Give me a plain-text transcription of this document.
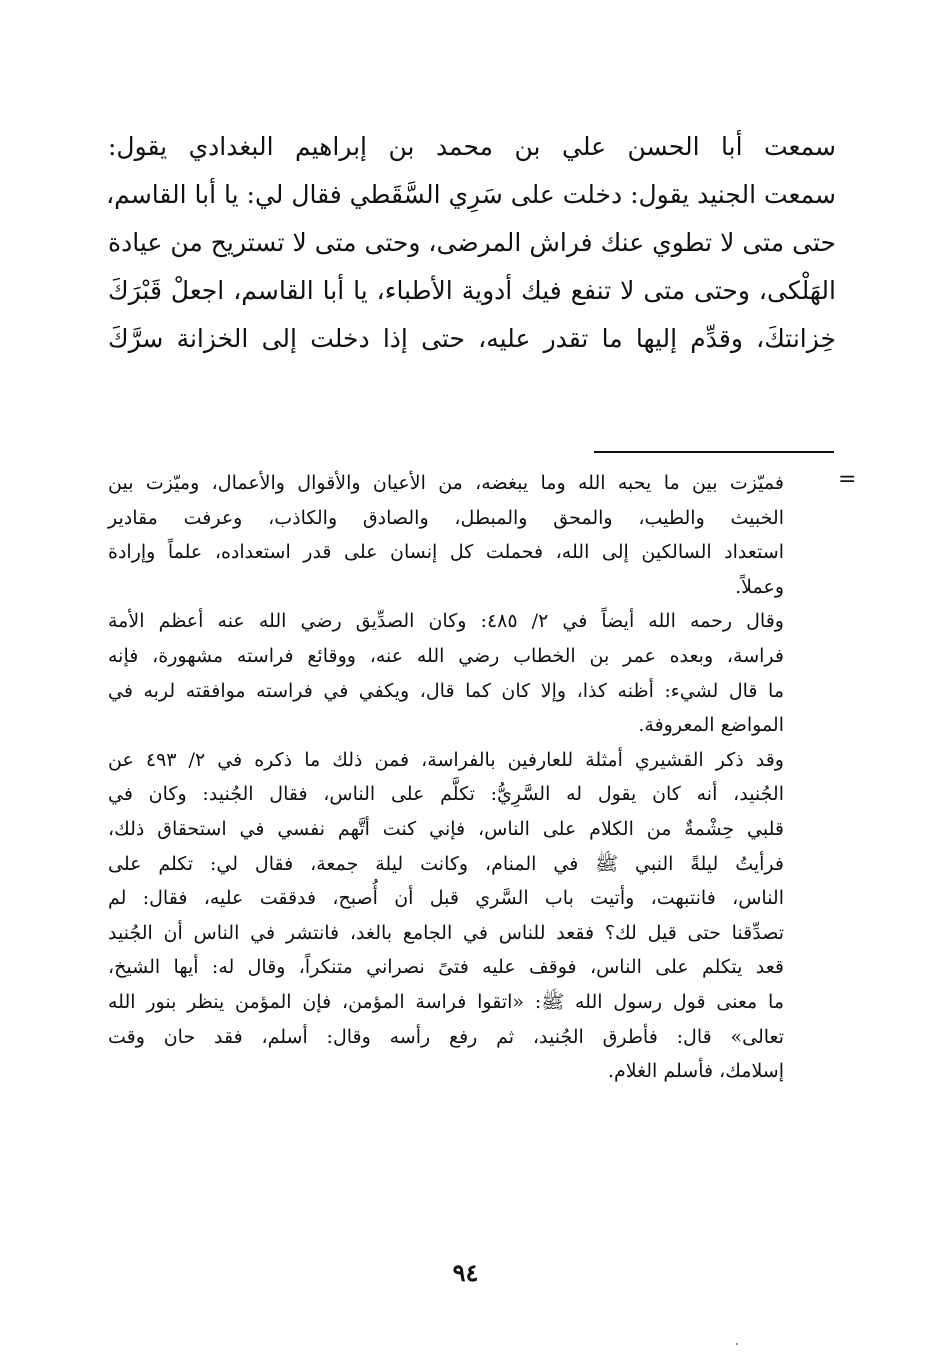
سمعت أبا الحسن علي بن محمد بن إبراهيم البغدادي يقول:
سمعت الجنيد يقول: دخلت على سَرِي السَّقَطي فقال لي: يا أبا القاسم،
حتى متى لا تطوي عنك فراش المرضى، وحتى متى لا تستريح من عيادة
الهَلْكى، وحتى متى لا تنفع فيك أدوية الأطباء، يا أبا القاسم، اجعلْ قَبْرَكَ
خِزانتكَ، وقدِّم إليها ما تقدر عليه، حتى إذا دخلت إلى الخزانة سرَّكَ
=
فميّزت بين ما يحبه الله وما يبغضه، من الأعيان والأقوال والأعمال، وميّزت بين
الخبيث والطيب، والمحق والمبطل، والصادق والكاذب، وعرفت مقادير
استعداد السالكين إلى الله، فحملت كل إنسان على قدر استعداده، علماً وإرادة
وعملاً.
وقال رحمه الله أيضاً في ٢/ ٤٨٥: وكان الصدِّيق رضي الله عنه أعظم الأمة
فراسة، وبعده عمر بن الخطاب رضي الله عنه، ووقائع فراسته مشهورة، فإنه
ما قال لشيء: أظنه كذا، وإلا كان كما قال، ويكفي في فراسته موافقته لربه في
المواضع المعروفة.
وقد ذكر القشيري أمثلة للعارفين بالفراسة، فمن ذلك ما ذكره في ٢/ ٤٩٣ عن
الجُنيد، أنه كان يقول له السَّرِيُّ: تكلَّم على الناس، فقال الجُنيد: وكان في
قلبي حِشْمةٌ من الكلام على الناس، فإني كنت أتَّهم نفسي في استحقاق ذلك،
فرأيتُ ليلةً النبي ﷺ في المنام، وكانت ليلة جمعة، فقال لي: تكلم على
الناس، فانتبهت، وأتيت باب السَّري قبل أن أُصبح، فدققت عليه، فقال: لم
تصدِّقنا حتى قيل لك؟ فقعد للناس في الجامع بالغد، فانتشر في الناس أن الجُنيد
قعد يتكلم على الناس، فوقف عليه فتىً نصراني متنكراً، وقال له: أيها الشيخ،
ما معنى قول رسول الله ﷺ: «اتقوا فراسة المؤمن، فإن المؤمن ينظر بنور الله
تعالى» قال: فأطرق الجُنيد، ثم رفع رأسه وقال: أسلم، فقد حان وقت
إسلامك، فأسلم الغلام.
٩٤
